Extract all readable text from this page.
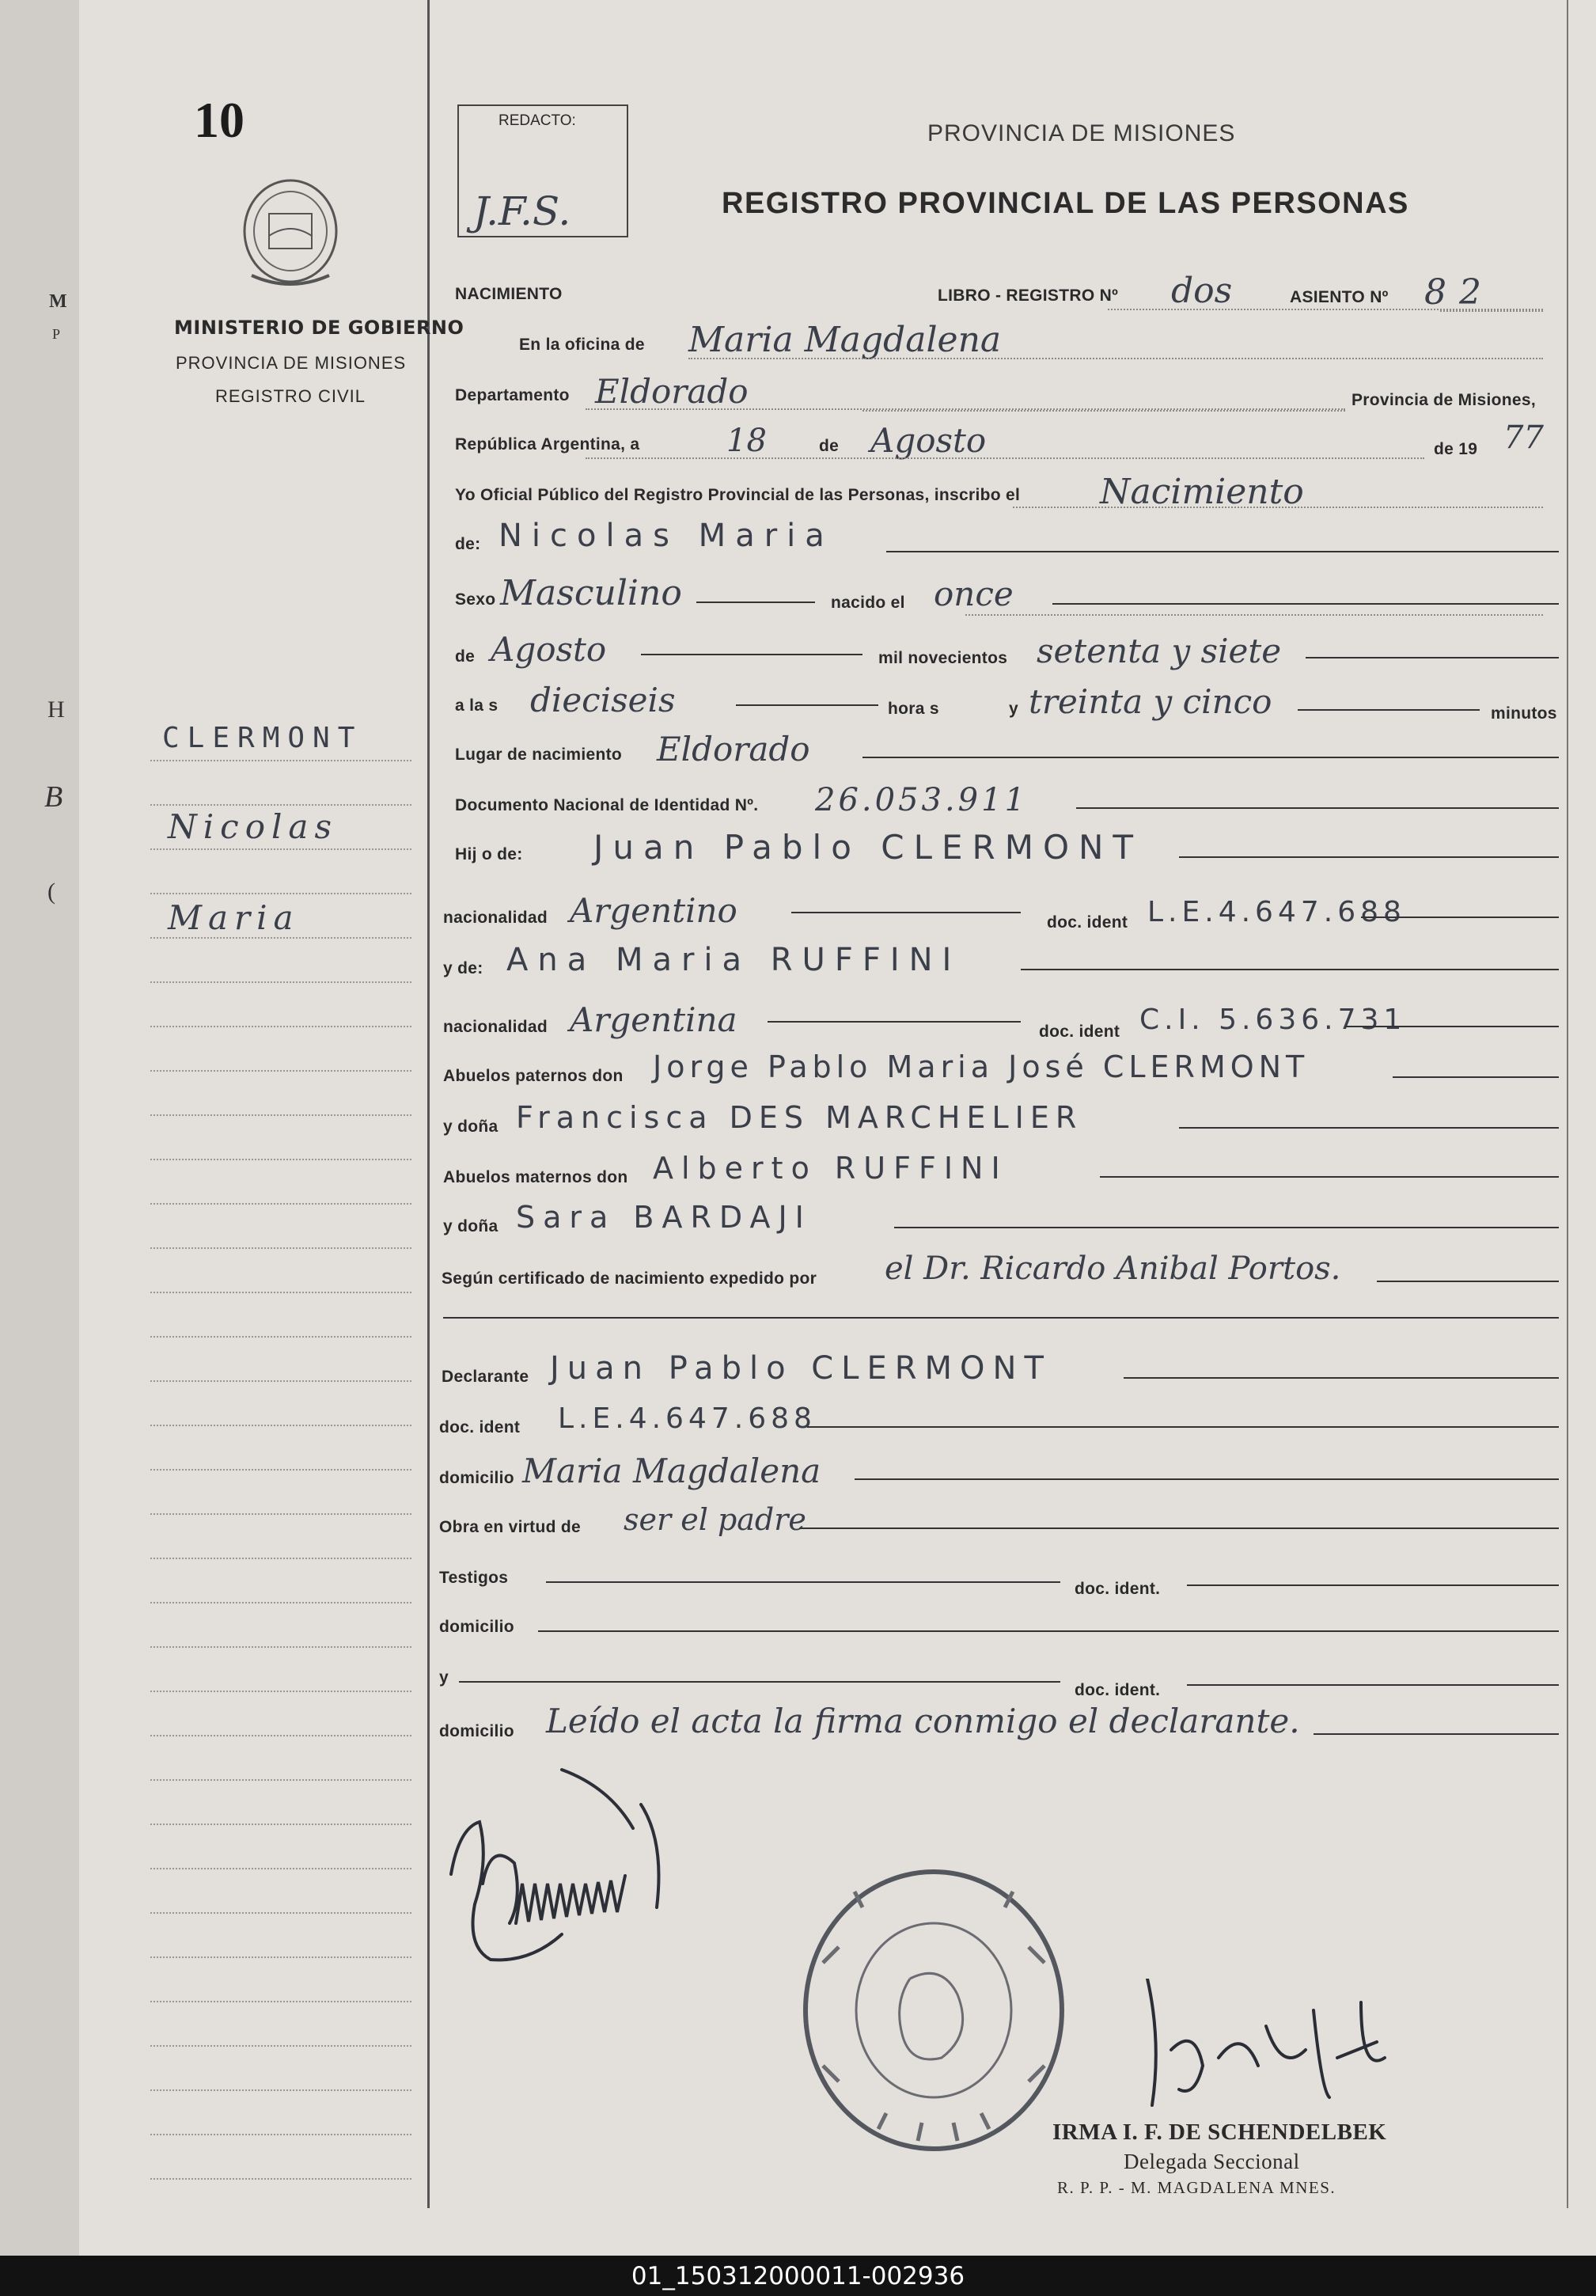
M
P
H
B
(
10
MINISTERIO DE GOBIERNO
PROVINCIA DE MISIONES
REGISTRO CIVIL
CLERMONT
Nicolas
Maria
REDACTO:
J.F.S.
PROVINCIA DE MISIONES
REGISTRO PROVINCIAL DE LAS PERSONAS
NACIMIENTO	LIBRO - REGISTRO Nº dos	ASIENTO Nº 82
En la oficina de Maria Magdalena
Departamento Eldorado	Provincia de Misiones,
República Argentina, a	18	de Agosto	de 19 77
Yo Oficial Público del Registro Provincial de las Personas, inscribo el Nacimiento
de: Nicolas Maria
Sexo Masculino	nacido el once
de Agosto	mil novecientos setenta y siete
a la s dieciseis	hora s	y treinta y cinco	minutos
Lugar de nacimiento Eldorado
Documento Nacional de Identidad Nº. 26.053.911
Hij o de: Juan Pablo CLERMONT
nacionalidad Argentino	doc. ident L.E.4.647.688
y de: Ana Maria RUFFINI
nacionalidad Argentina	doc. ident C.I. 5.636.731
Abuelos paternos don Jorge Pablo Maria José CLERMONT
y doña Francisca DES MARCHELIER
Abuelos maternos don Alberto RUFFINI
y doña Sara BARDAJI
Según certificado de nacimiento expedido por el Dr. Ricardo Anibal Portos.
Declarante Juan Pablo CLERMONT
doc. ident L.E.4.647.688
domicilio Maria Magdalena
Obra en virtud de ser el padre
Testigos
doc. ident.
domicilio
y
doc. ident.
domicilio Leído el acta la firma conmigo el declarante.
IRMA I. F. DE SCHENDELBEK
Delegada Seccional
R. P. P. - M. MAGDALENA MNES.
01_150312000011-002936
